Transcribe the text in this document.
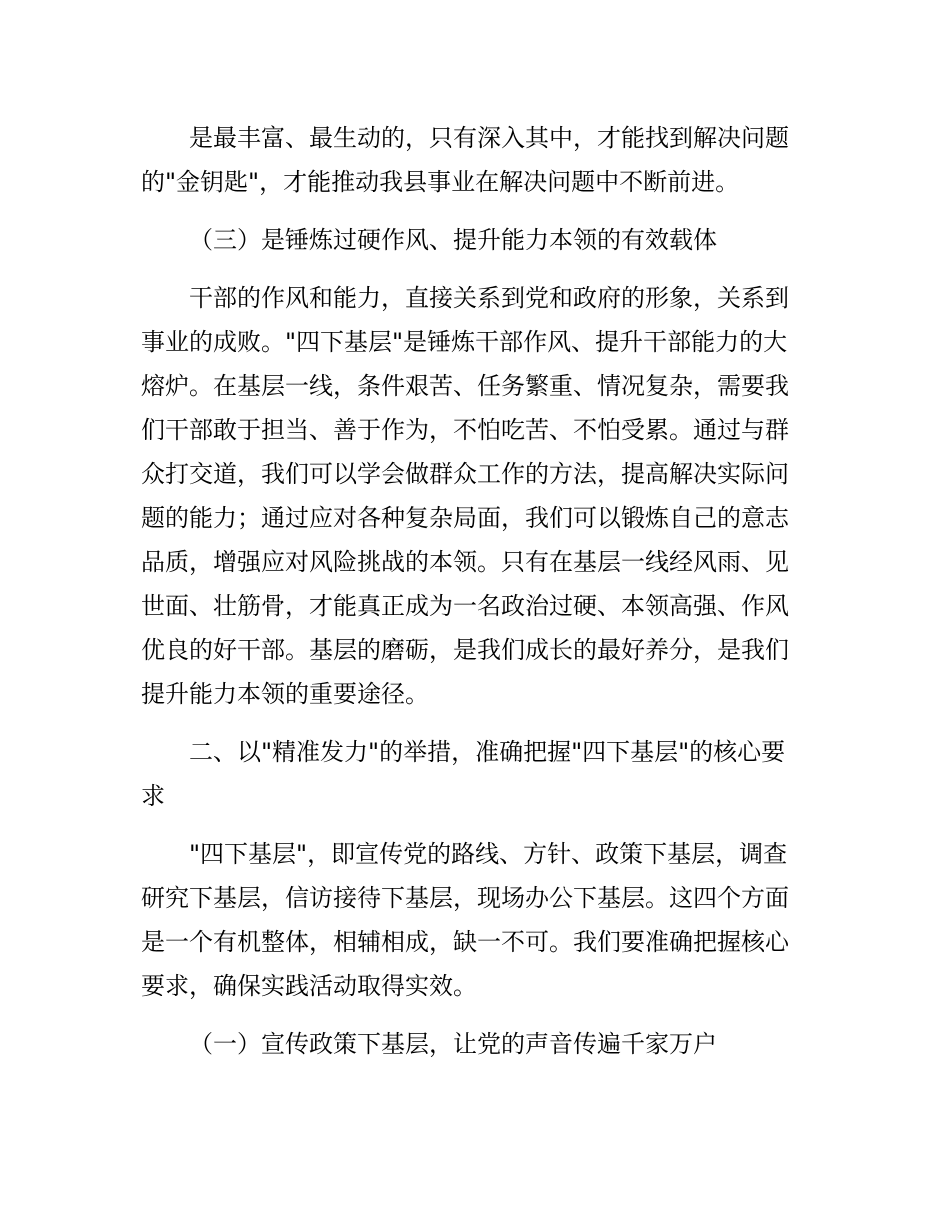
是最丰富、最生动的，只有深入其中，才能找到解决问题
的"金钥匙"，才能推动我县事业在解决问题中不断前进。
（三）是锤炼过硬作风、提升能力本领的有效载体
干部的作风和能力，直接关系到党和政府的形象，关系到
事业的成败。"四下基层"是锤炼干部作风、提升干部能力的大
熔炉。在基层一线，条件艰苦、任务繁重、情况复杂，需要我
们干部敢于担当、善于作为，不怕吃苦、不怕受累。通过与群
众打交道，我们可以学会做群众工作的方法，提高解决实际问
题的能力；通过应对各种复杂局面，我们可以锻炼自己的意志
品质，增强应对风险挑战的本领。只有在基层一线经风雨、见
世面、壮筋骨，才能真正成为一名政治过硬、本领高强、作风
优良的好干部。基层的磨砺，是我们成长的最好养分，是我们
提升能力本领的重要途径。
二、以"精准发力"的举措，准确把握"四下基层"的核心要
求
"四下基层"，即宣传党的路线、方针、政策下基层，调查
研究下基层，信访接待下基层，现场办公下基层。这四个方面
是一个有机整体，相辅相成，缺一不可。我们要准确把握核心
要求，确保实践活动取得实效。
（一）宣传政策下基层，让党的声音传遍千家万户
